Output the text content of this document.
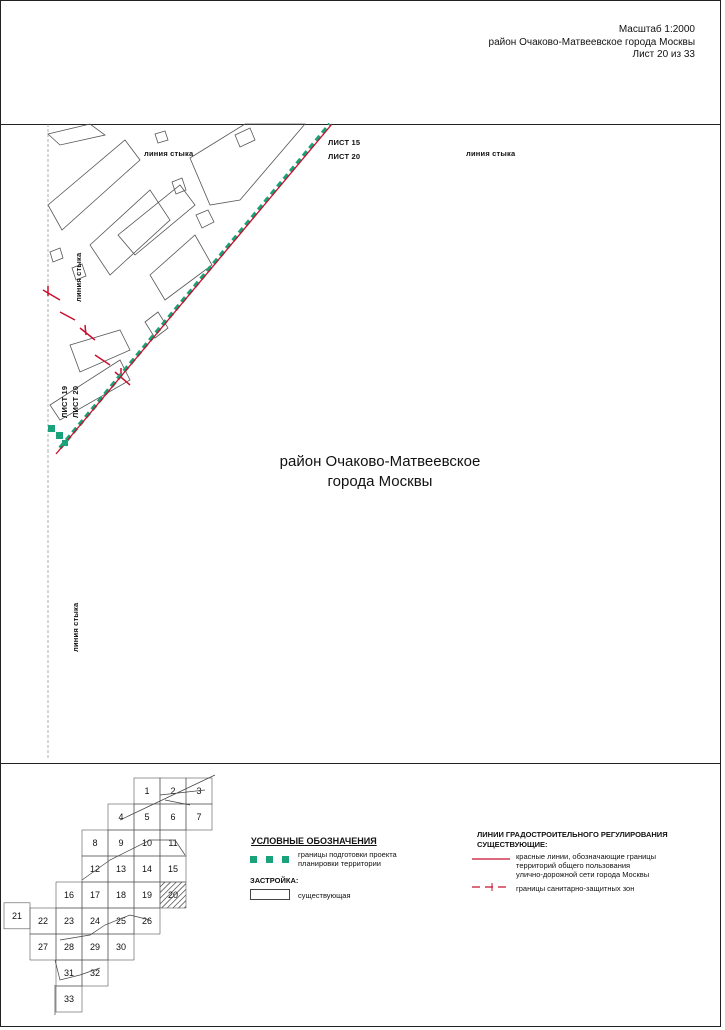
Масштаб 1:2000
район Очаково-Матвеевское города Москвы
Лист 20 из 33
ЛИСТ 15
ЛИСТ 20
линия стыка	линия стыка
линия стыка
ЛИСТ 19 ЛИСТ 20
линия стыка
район Очаково-Матвеевское
города Москвы
1 2 3
4 5 6 7
8 9 10 11
12 13 14 15
16 17 18 19 20
21
22 23 24 25 26
27 28 29 30
31 32
33
УСЛОВНЫЕ ОБОЗНАЧЕНИЯ
границы подготовки проекта
планировки территории
ЗАСТРОЙКА:
существующая
ЛИНИИ ГРАДОСТРОИТЕЛЬНОГО РЕГУЛИРОВАНИЯ
СУЩЕСТВУЮЩИЕ:
красные линии, обозначающие границы
территорий общего пользования
улично-дорожной сети города Москвы
границы санитарно-защитных зон
